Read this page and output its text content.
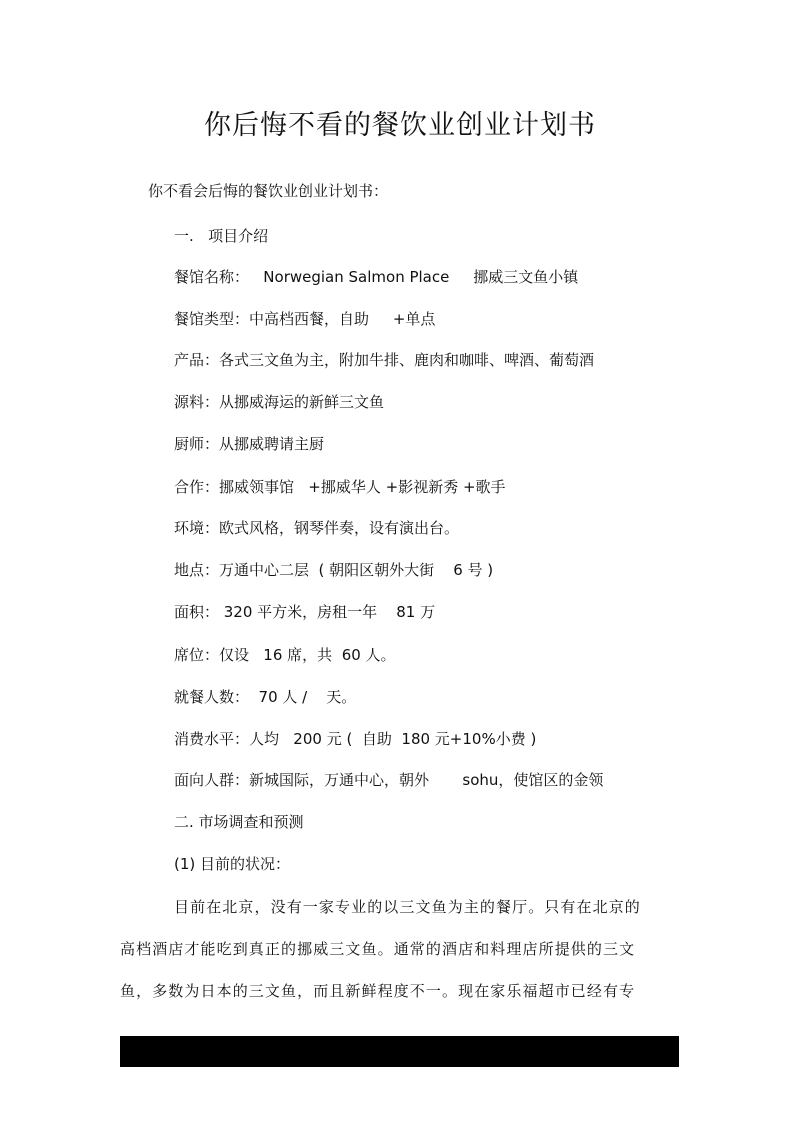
你后悔不看的餐饮业创业计划书
你不看会后悔的餐饮业创业计划书：
一.   项目介绍
餐馆名称：   Norwegian Salmon Place     挪威三文鱼小镇
餐馆类型：中高档西餐，自助     +单点
产品：各式三文鱼为主，附加牛排、鹿肉和咖啡、啤酒、葡萄酒
源料：从挪威海运的新鲜三文鱼
厨师：从挪威聘请主厨
合作：挪威领事馆   +挪威华人 +影视新秀 +歌手
环境：欧式风格，钢琴伴奏，设有演出台。
地点：万通中心二层  ( 朝阳区朝外大街    6 号 )
面积： 320 平方米，房租一年    81 万
席位：仅设   16 席，共  60 人。
就餐人数：  70 人 /    天。
消费水平：人均   200 元 (  自助  180 元+10%小费 )
面向人群：新城国际，万通中心，朝外       sohu，使馆区的金领
二. 市场调查和预测
(1) 目前的状况：
目前在北京，没有一家专业的以三文鱼为主的餐厅。只有在北京的
高档酒店才能吃到真正的挪威三文鱼。通常的酒店和料理店所提供的三文
鱼，多数为日本的三文鱼，而且新鲜程度不一。现在家乐福超市已经有专
